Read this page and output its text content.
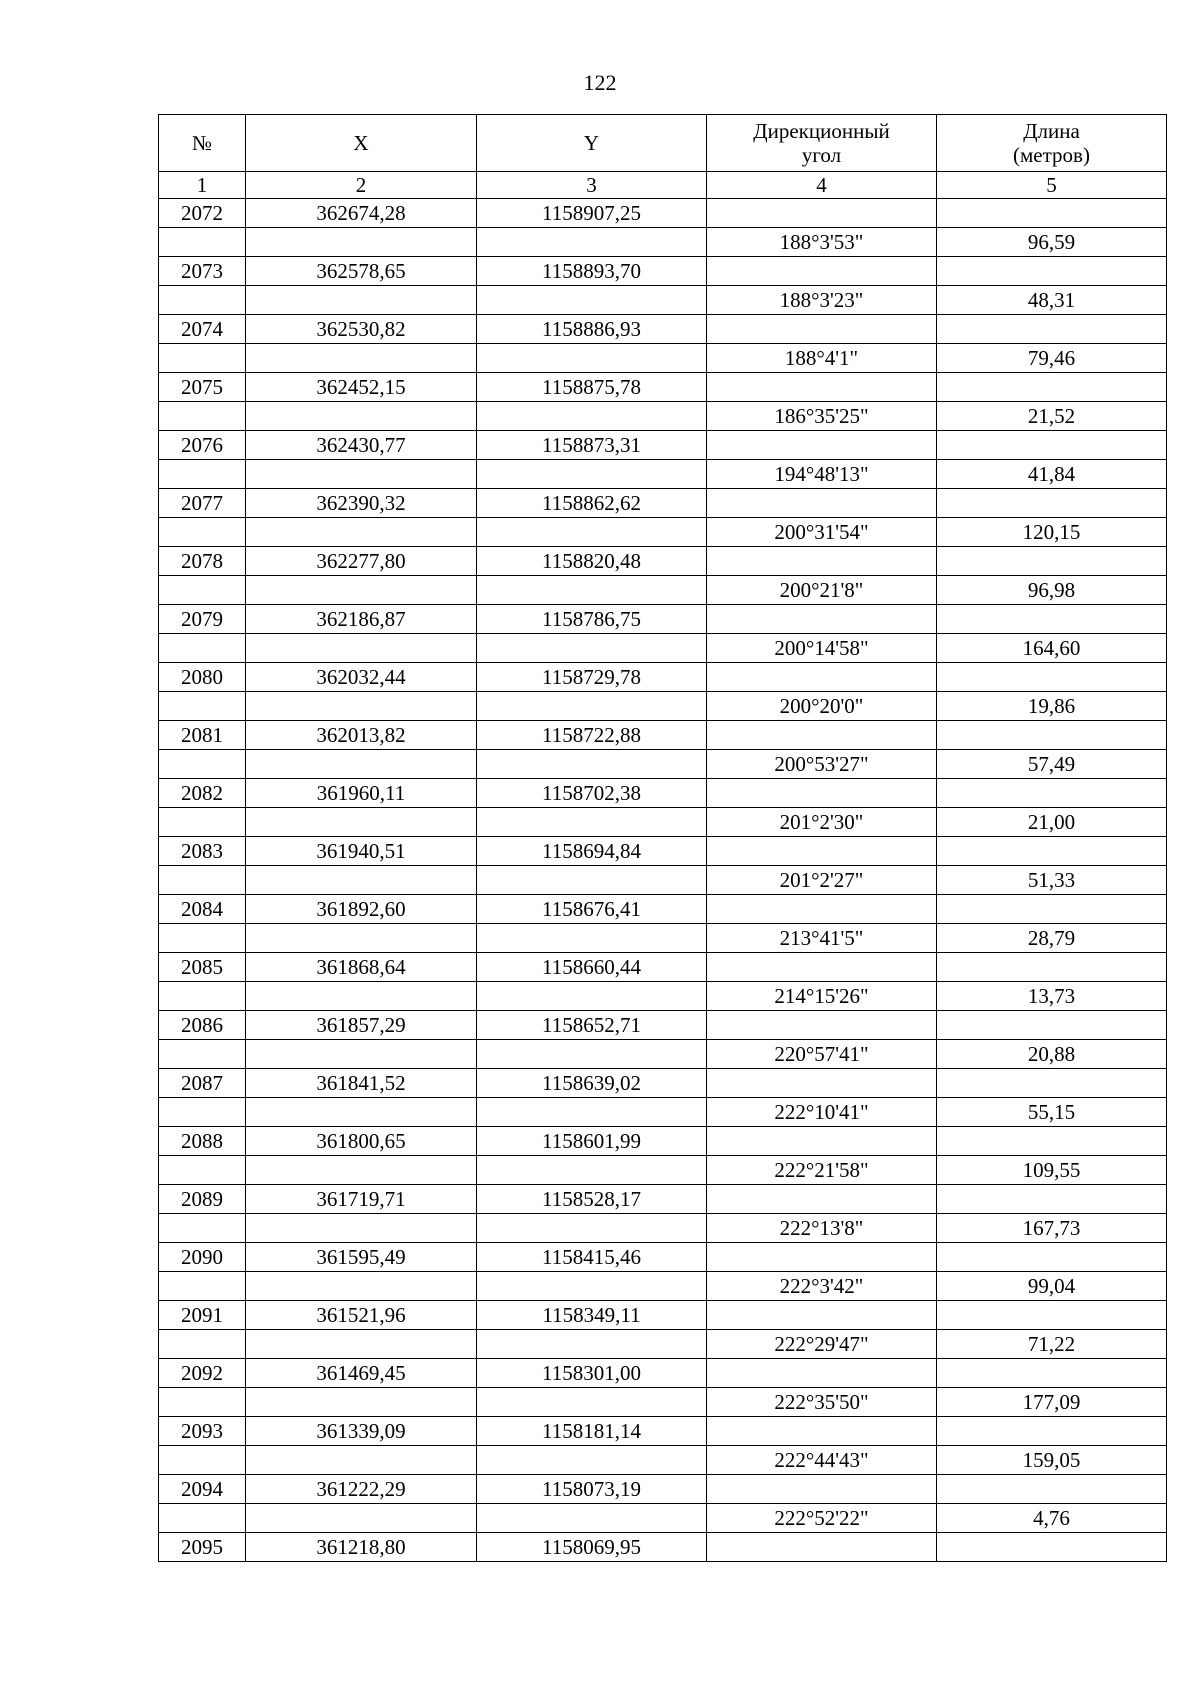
122
№	X	Y	Дирекционный
угол	Длина
(метров)
1	2	3	4	5
2072	362674,28	1158907,25		
			188°3'53"	96,59
2073	362578,65	1158893,70		
			188°3'23"	48,31
2074	362530,82	1158886,93		
			188°4'1"	79,46
2075	362452,15	1158875,78		
			186°35'25"	21,52
2076	362430,77	1158873,31		
			194°48'13"	41,84
2077	362390,32	1158862,62		
			200°31'54"	120,15
2078	362277,80	1158820,48		
			200°21'8"	96,98
2079	362186,87	1158786,75		
			200°14'58"	164,60
2080	362032,44	1158729,78		
			200°20'0"	19,86
2081	362013,82	1158722,88		
			200°53'27"	57,49
2082	361960,11	1158702,38		
			201°2'30"	21,00
2083	361940,51	1158694,84		
			201°2'27"	51,33
2084	361892,60	1158676,41		
			213°41'5"	28,79
2085	361868,64	1158660,44		
			214°15'26"	13,73
2086	361857,29	1158652,71		
			220°57'41"	20,88
2087	361841,52	1158639,02		
			222°10'41"	55,15
2088	361800,65	1158601,99		
			222°21'58"	109,55
2089	361719,71	1158528,17		
			222°13'8"	167,73
2090	361595,49	1158415,46		
			222°3'42"	99,04
2091	361521,96	1158349,11		
			222°29'47"	71,22
2092	361469,45	1158301,00		
			222°35'50"	177,09
2093	361339,09	1158181,14		
			222°44'43"	159,05
2094	361222,29	1158073,19		
			222°52'22"	4,76
2095	361218,80	1158069,95		
